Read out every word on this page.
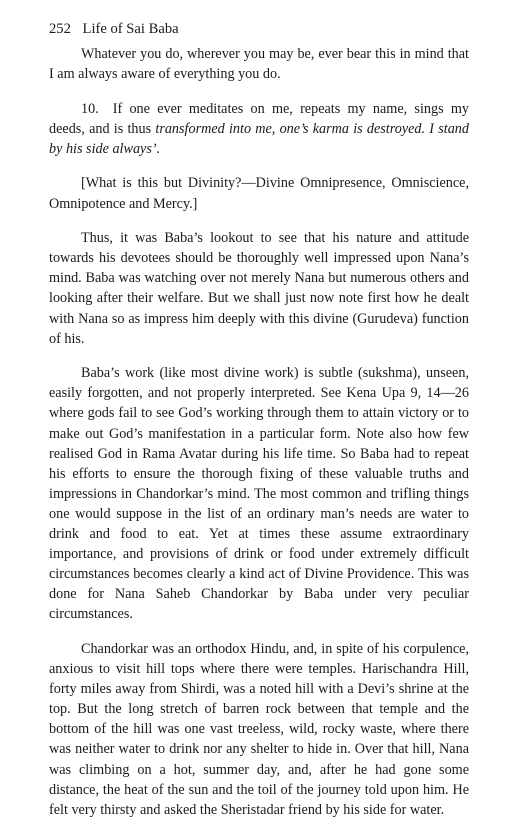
252 Life of Sai Baba

Whatever you do, wherever you may be, ever bear this in mind that I am always aware of everything you do.

10. If one ever meditates on me, repeats my name, sings my deeds, and is thus transformed into me, one’s karma is destroyed. I stand by his side always’.

[What is this but Divinity?—Divine Omnipresence, Omniscience, Omnipotence and Mercy.]

Thus, it was Baba’s lookout to see that his nature and attitude towards his devotees should be thoroughly well impressed upon Nana’s mind. Baba was watching over not merely Nana but numerous others and looking after their welfare. But we shall just now note first how he dealt with Nana so as impress him deeply with this divine (Gurudeva) function of his.

Baba’s work (like most divine work) is subtle (sukshma), unseen, easily forgotten, and not properly interpreted. See Kena Upa 9, 14—26 where gods fail to see God’s working through them to attain victory or to make out God’s manifestation in a particular form. Note also how few realised God in Rama Avatar during his life time. So Baba had to repeat his efforts to ensure the thorough fixing of these valuable truths and impressions in Chandorkar’s mind. The most common and trifling things one would suppose in the list of an ordinary man’s needs are water to drink and food to eat. Yet at times these assume extraordinary importance, and provisions of drink or food under extremely difficult circumstances becomes clearly a kind act of Divine Providence. This was done for Nana Saheb Chandorkar by Baba under very peculiar circumstances.

Chandorkar was an orthodox Hindu, and, in spite of his corpulence, anxious to visit hill tops where there were temples. Harischandra Hill, forty miles away from Shirdi, was a noted hill with a Devi’s shrine at the top. But the long stretch of barren rock between that temple and the bottom of the hill was one vast treeless, wild, rocky waste, where there was neither water to drink nor any shelter to hide in. Over that hill, Nana was climbing on a hot, summer day, and, after he had gone some distance, the heat of the sun and the toil of the journey told upon him. He felt very thirsty and asked the Sheristadar friend by his side for water.
